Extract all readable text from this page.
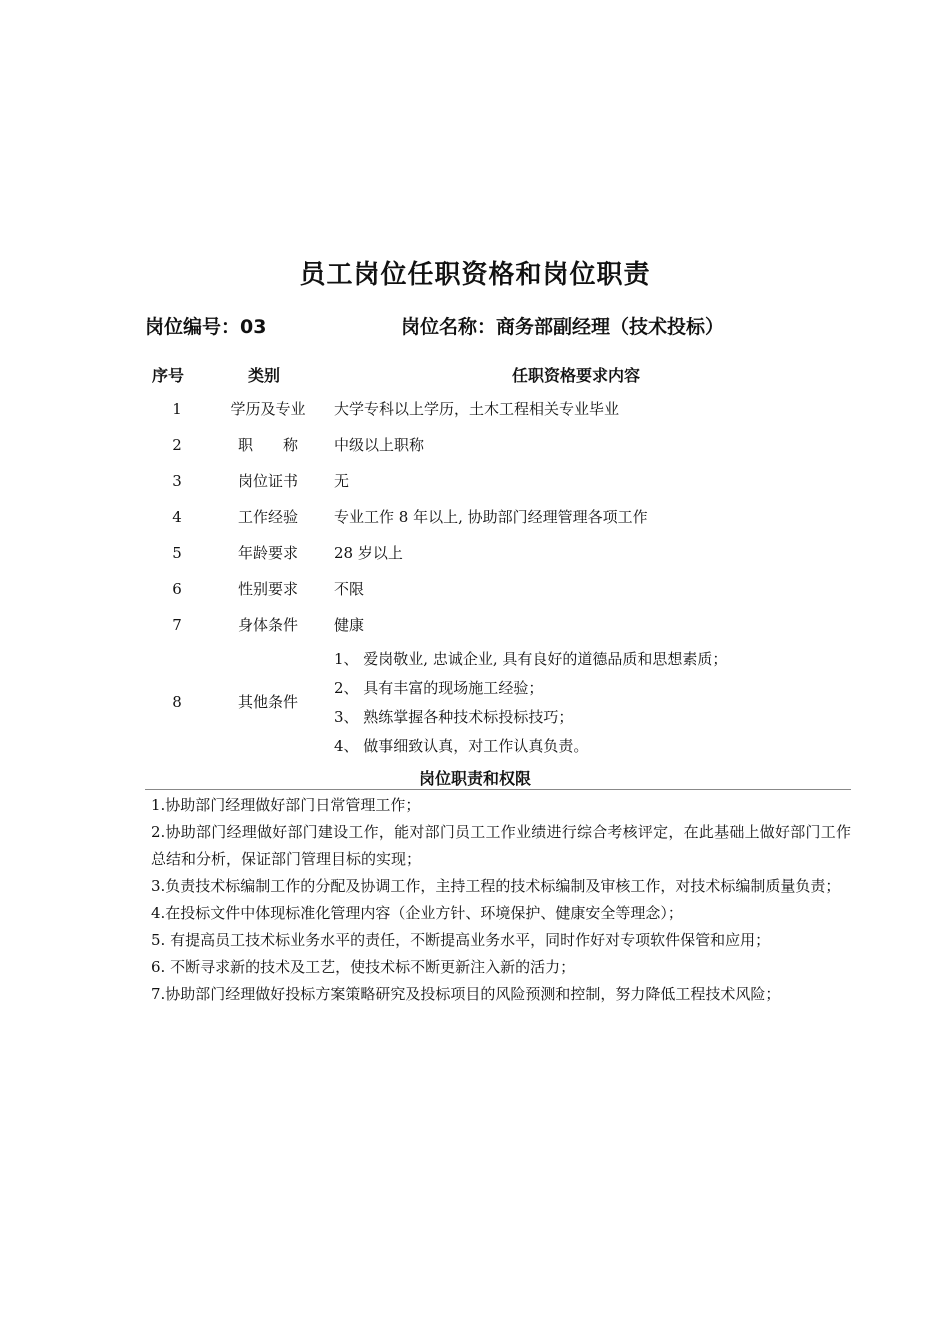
员工岗位任职资格和岗位职责
岗位编号：03	岗位名称：商务部副经理（技术投标）
序号	类别	任职资格要求内容
1	学历及专业	大学专科以上学历，土木工程相关专业毕业
2	职　　称	中级以上职称
3	岗位证书	无
4	工作经验	专业工作 8 年以上, 协助部门经理管理各项工作
5	年龄要求	28 岁以上
6	性别要求	不限
7	身体条件	健康
8	其他条件
1、 爱岗敬业, 忠诚企业, 具有良好的道德品质和思想素质；
2、 具有丰富的现场施工经验；
3、 熟练掌握各种技术标投标技巧；
4、 做事细致认真，对工作认真负责。
岗位职责和权限

1.协助部门经理做好部门日常管理工作；

2.协助部门经理做好部门建设工作，能对部门员工工作业绩进行综合考核评定，在此基础上做好部门工作总结和分析，保证部门管理目标的实现；

3.负责技术标编制工作的分配及协调工作，主持工程的技术标编制及审核工作，对技术标编制质量负责；

4.在投标文件中体现标准化管理内容（企业方针、环境保护、健康安全等理念）；

5. 有提高员工技术标业务水平的责任，不断提高业务水平，同时作好对专项软件保管和应用；

6. 不断寻求新的技术及工艺，使技术标不断更新注入新的活力；

7.协助部门经理做好投标方案策略研究及投标项目的风险预测和控制，努力降低工程技术风险；
